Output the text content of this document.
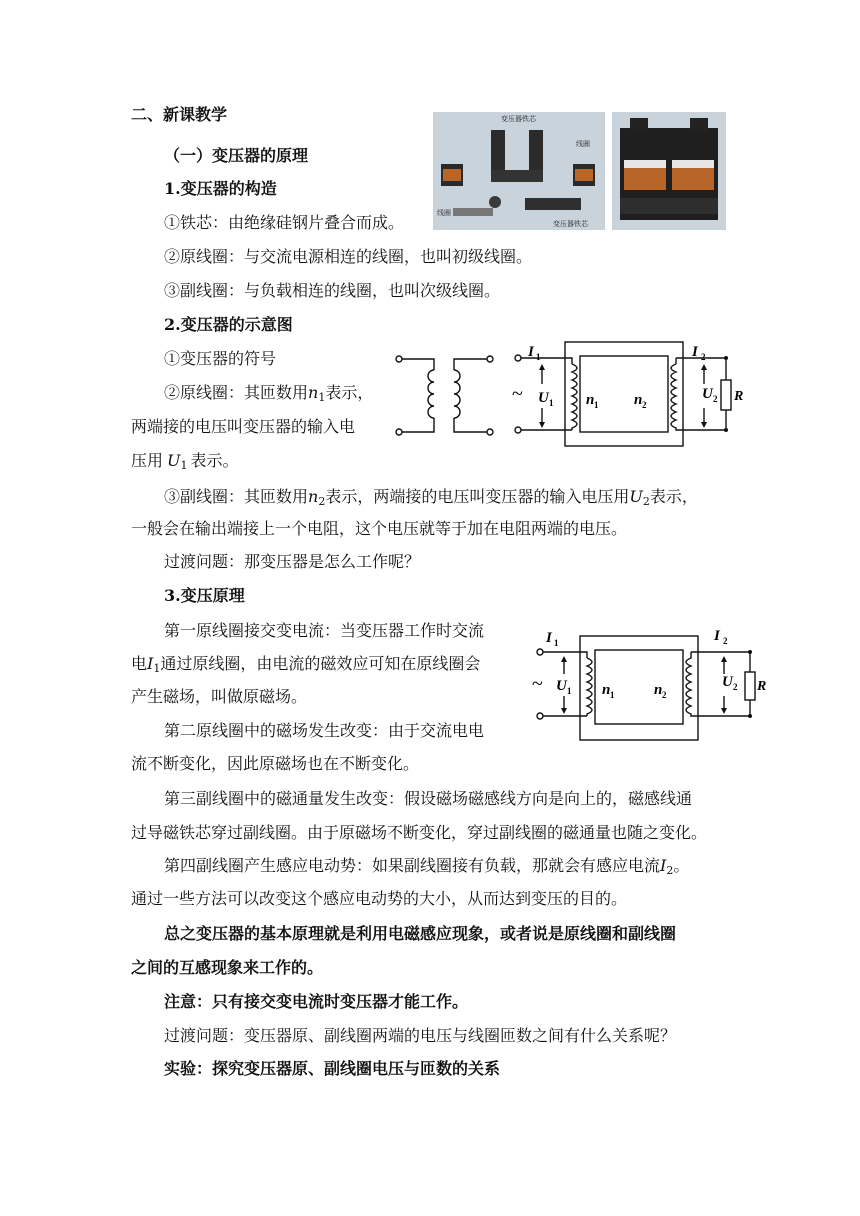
二、新课教学
（一）变压器的原理
1.变压器的构造
①铁芯：由绝缘硅钢片叠合而成。
②原线圈：与交流电源相连的线圈，也叫初级线圈。
③副线圈：与负载相连的线圈，也叫次级线圈。
2.变压器的示意图
①变压器的符号
②原线圈：其匝数用$n_1$表示，
两端接的电压叫变压器的输入电
压用 $U_1$ 表示。
③副线圈：其匝数用$n_2$表示，两端接的电压叫变压器的输入电压用$U_2$表示，
一般会在输出端接上一个电阻，这个电压就等于加在电阻两端的电压。
过渡问题：那变压器是怎么工作呢？
3.变压原理
第一原线圈接交变电流：当变压器工作时交流
电$I_1$通过原线圈，由电流的磁效应可知在原线圈会
产生磁场，叫做原磁场。
第二原线圈中的磁场发生改变：由于交流电电
流不断变化，因此原磁场也在不断变化。
第三副线圈中的磁通量发生改变：假设磁场磁感线方向是向上的，磁感线通
过导磁铁芯穿过副线圈。由于原磁场不断变化，穿过副线圈的磁通量也随之变化。
第四副线圈产生感应电动势：如果副线圈接有负载，那就会有感应电流$I_2$。
通过一些方法可以改变这个感应电动势的大小，从而达到变压的目的。
总之变压器的基本原理就是利用电磁感应现象，或者说是原线圈和副线圈
之间的互感现象来工作的。
注意：只有接交变电流时变压器才能工作。
过渡问题：变压器原、副线圈两端的电压与线圈匝数之间有什么关系呢？
实验：探究变压器原、副线圈电压与匝数的关系
变压器铁芯
线圈
线圈
变压器铁芯
~
I 1	I 2
U 1
U 2
n 1 n 2
R
~
I 1	I 2
U 1
U 2
n 1	n 2
R
